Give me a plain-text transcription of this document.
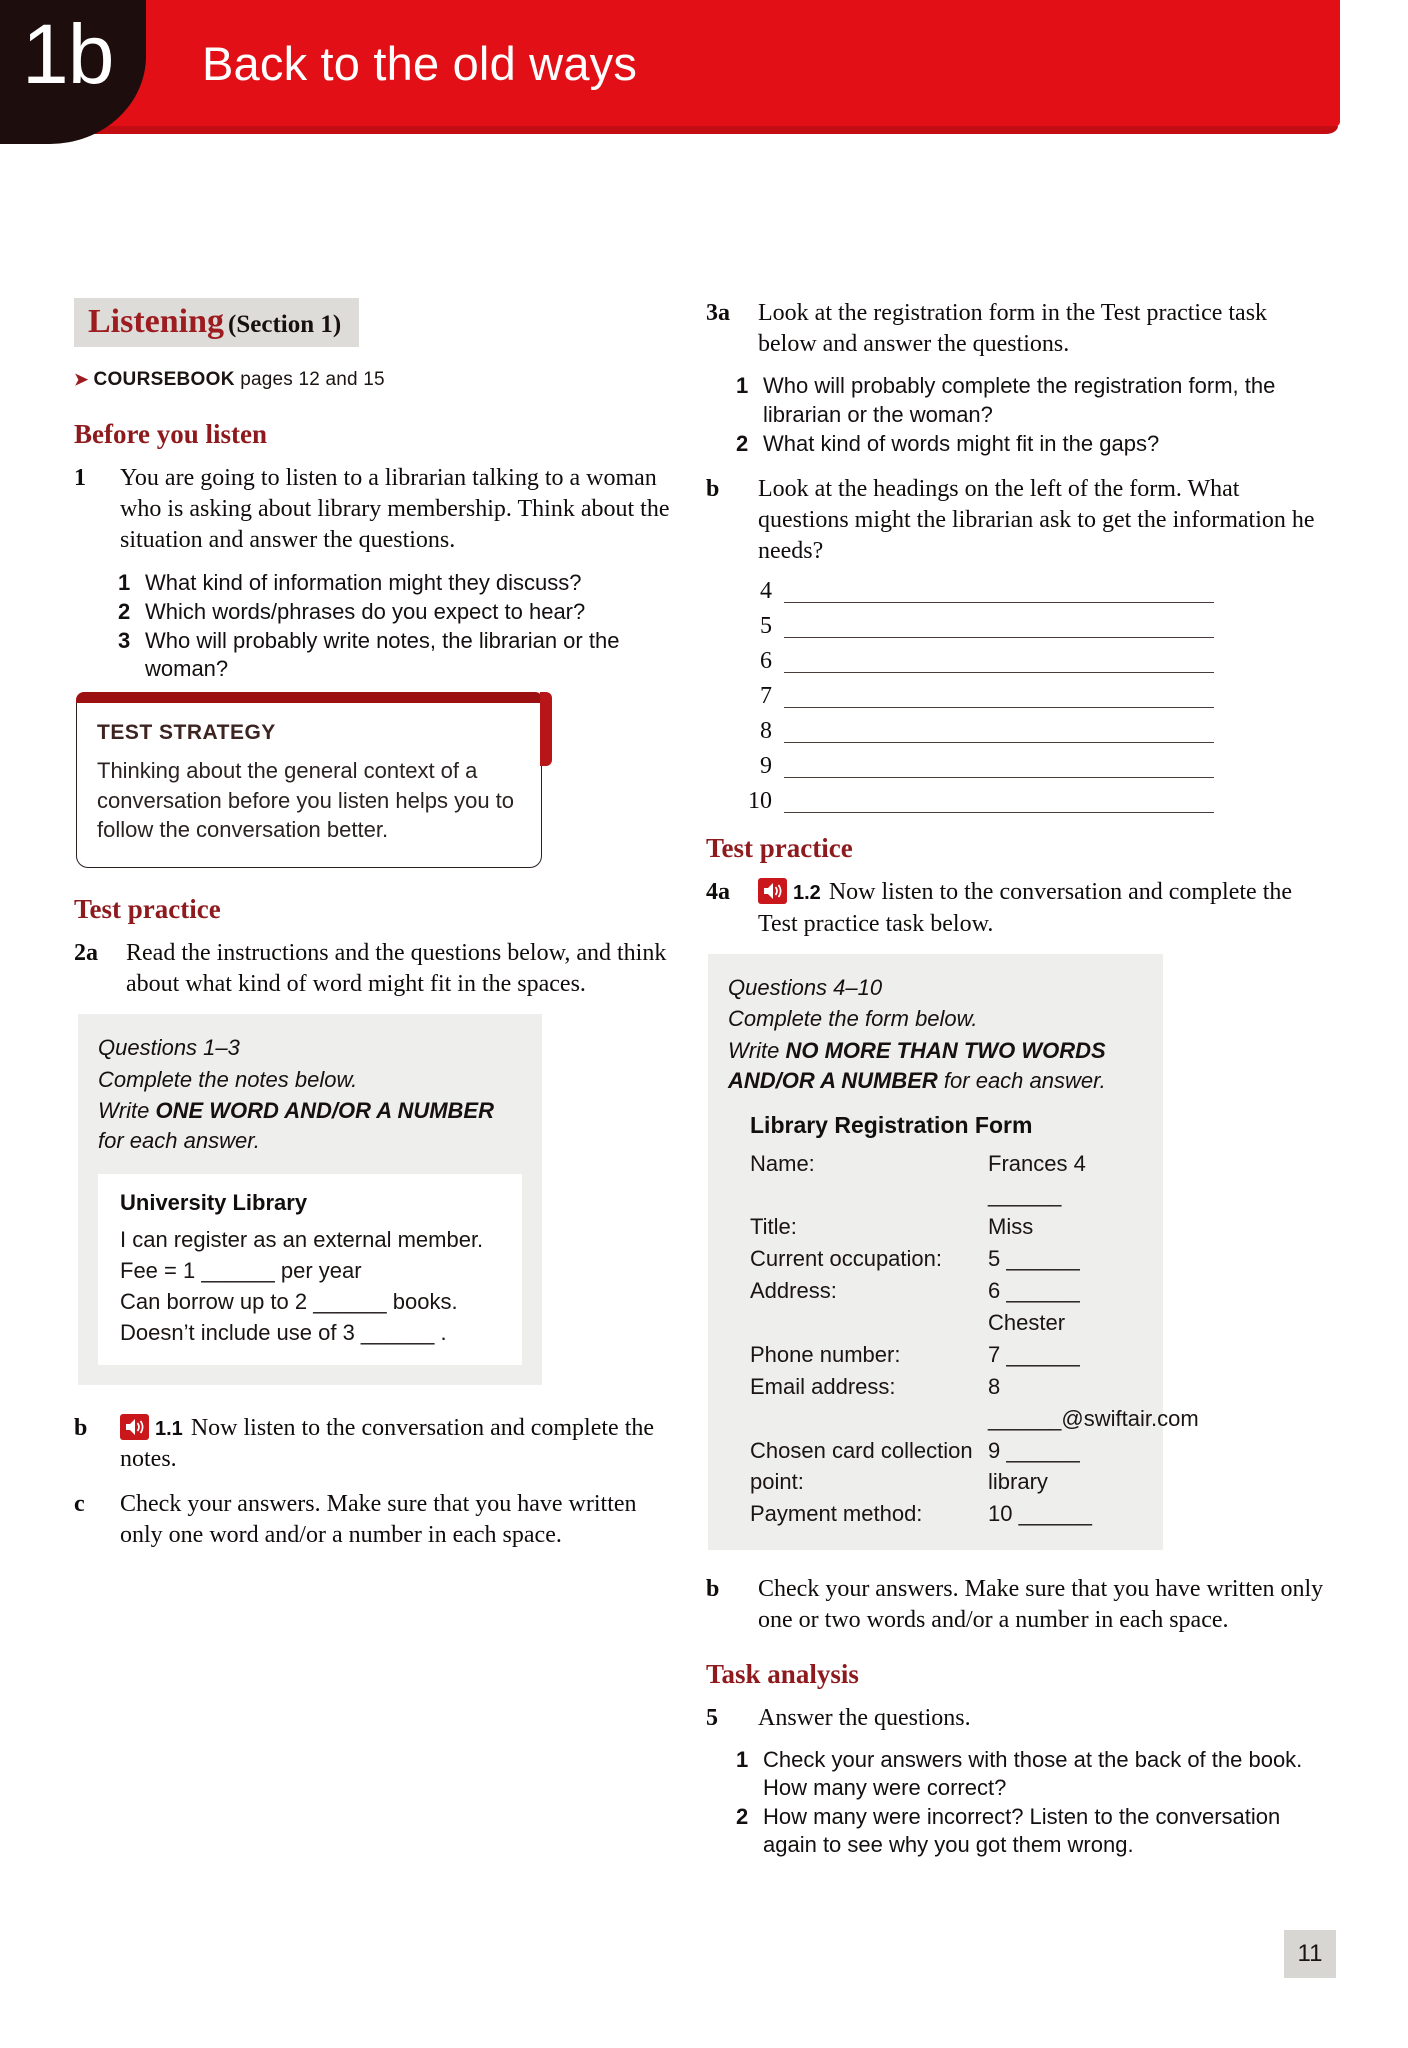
1b Back to the old ways
Listening (Section 1)
➤ COURSEBOOK pages 12 and 15
Before you listen
1	You are going to listen to a librarian talking to a woman who is asking about library membership. Think about the situation and answer the questions.
1 What kind of information might they discuss?
2 Which words/phrases do you expect to hear?
3 Who will probably write notes, the librarian or the woman?
TEST STRATEGY
Thinking about the general context of a conversation before you listen helps you to follow the conversation better.
Test practice
2a	Read the instructions and the questions below, and think about what kind of word might fit in the spaces.
Questions 1–3
Complete the notes below.
Write ONE WORD AND/OR A NUMBER for each answer.
University Library
I can register as an external member.
Fee = 1 ______ per year
Can borrow up to 2 ______ books.
Doesn’t include use of 3 ______ .
b	1.1 Now listen to the conversation and complete the notes.
c	Check your answers. Make sure that you have written only one word and/or a number in each space.
3a	Look at the registration form in the Test practice task below and answer the questions.
1 Who will probably complete the registration form, the librarian or the woman?
2 What kind of words might fit in the gaps?
b	Look at the headings on the left of the form. What questions might the librarian ask to get the information he needs?
4
5
6
7
8
9
10
Test practice
4a	1.2 Now listen to the conversation and complete the Test practice task below.
Questions 4–10
Complete the form below.
Write NO MORE THAN TWO WORDS AND/OR A NUMBER for each answer.
Library Registration Form
Name:	Frances 4 ______
Title:	Miss
Current occupation:	5 ______
Address:	6 ______
Chester
Phone number:	7 ______
Email address:	8 ______@swiftair.com
Chosen card collection point:
9 ______ library
Payment method:	10 ______
b	Check your answers. Make sure that you have written only one or two words and/or a number in each space.
Task analysis
5	Answer the questions.
1 Check your answers with those at the back of the book. How many were correct?
2 How many were incorrect? Listen to the conversation again to see why you got them wrong.
11
